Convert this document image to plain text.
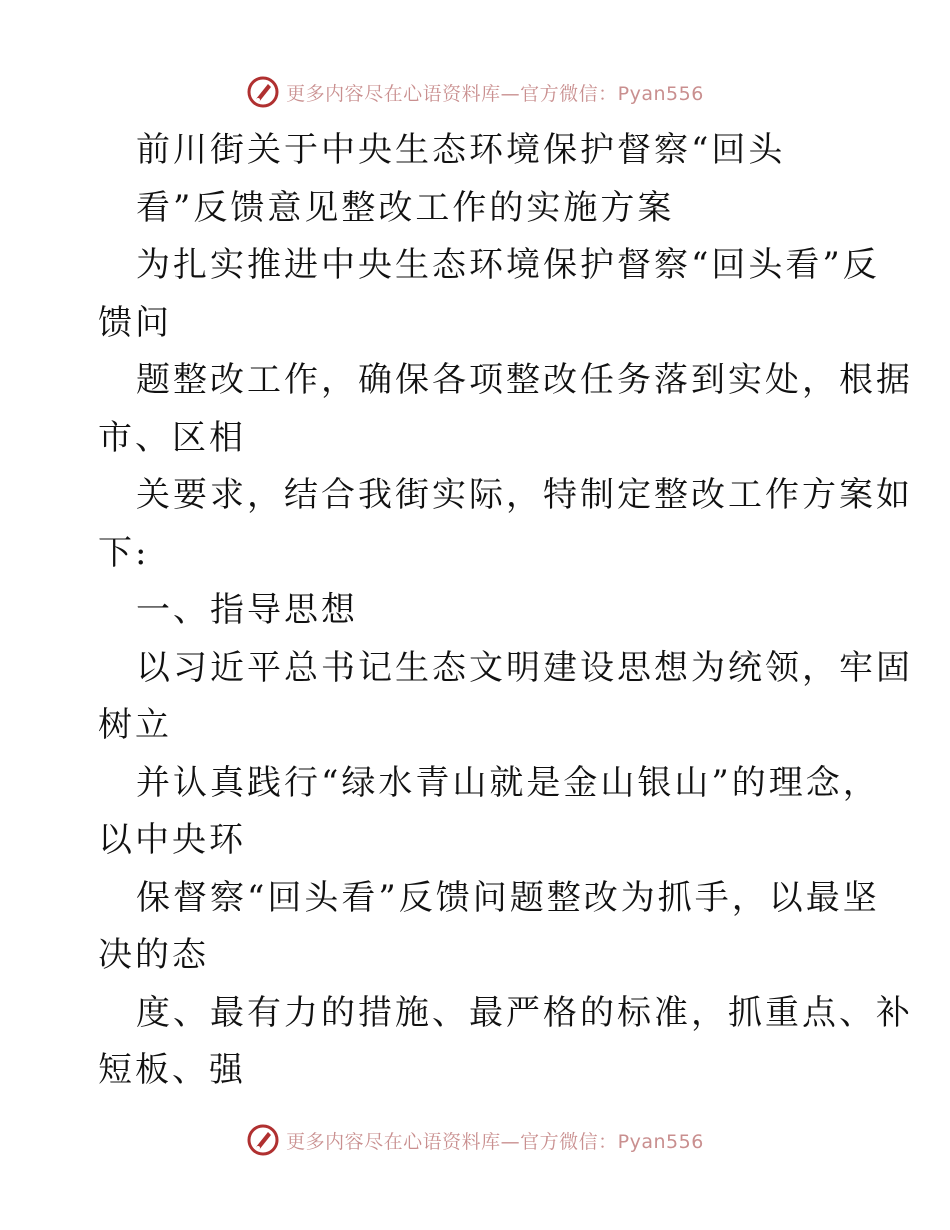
更多内容尽在心语资料库—官方微信：Pyan556
前川街关于中央生态环境保护督察“回头
看”反馈意见整改工作的实施方案
为扎实推进中央生态环境保护督察“回头看”反
馈问
题整改工作，确保各项整改任务落到实处，根据
市、区相
关要求，结合我街实际，特制定整改工作方案如
下:
一、指导思想
以习近平总书记生态文明建设思想为统领，牢固
树立
并认真践行“绿水青山就是金山银山”的理念，
以中央环
保督察“回头看”反馈问题整改为抓手，以最坚
决的态
度、最有力的措施、最严格的标准，抓重点、补
短板、强
更多内容尽在心语资料库—官方微信：Pyan556
